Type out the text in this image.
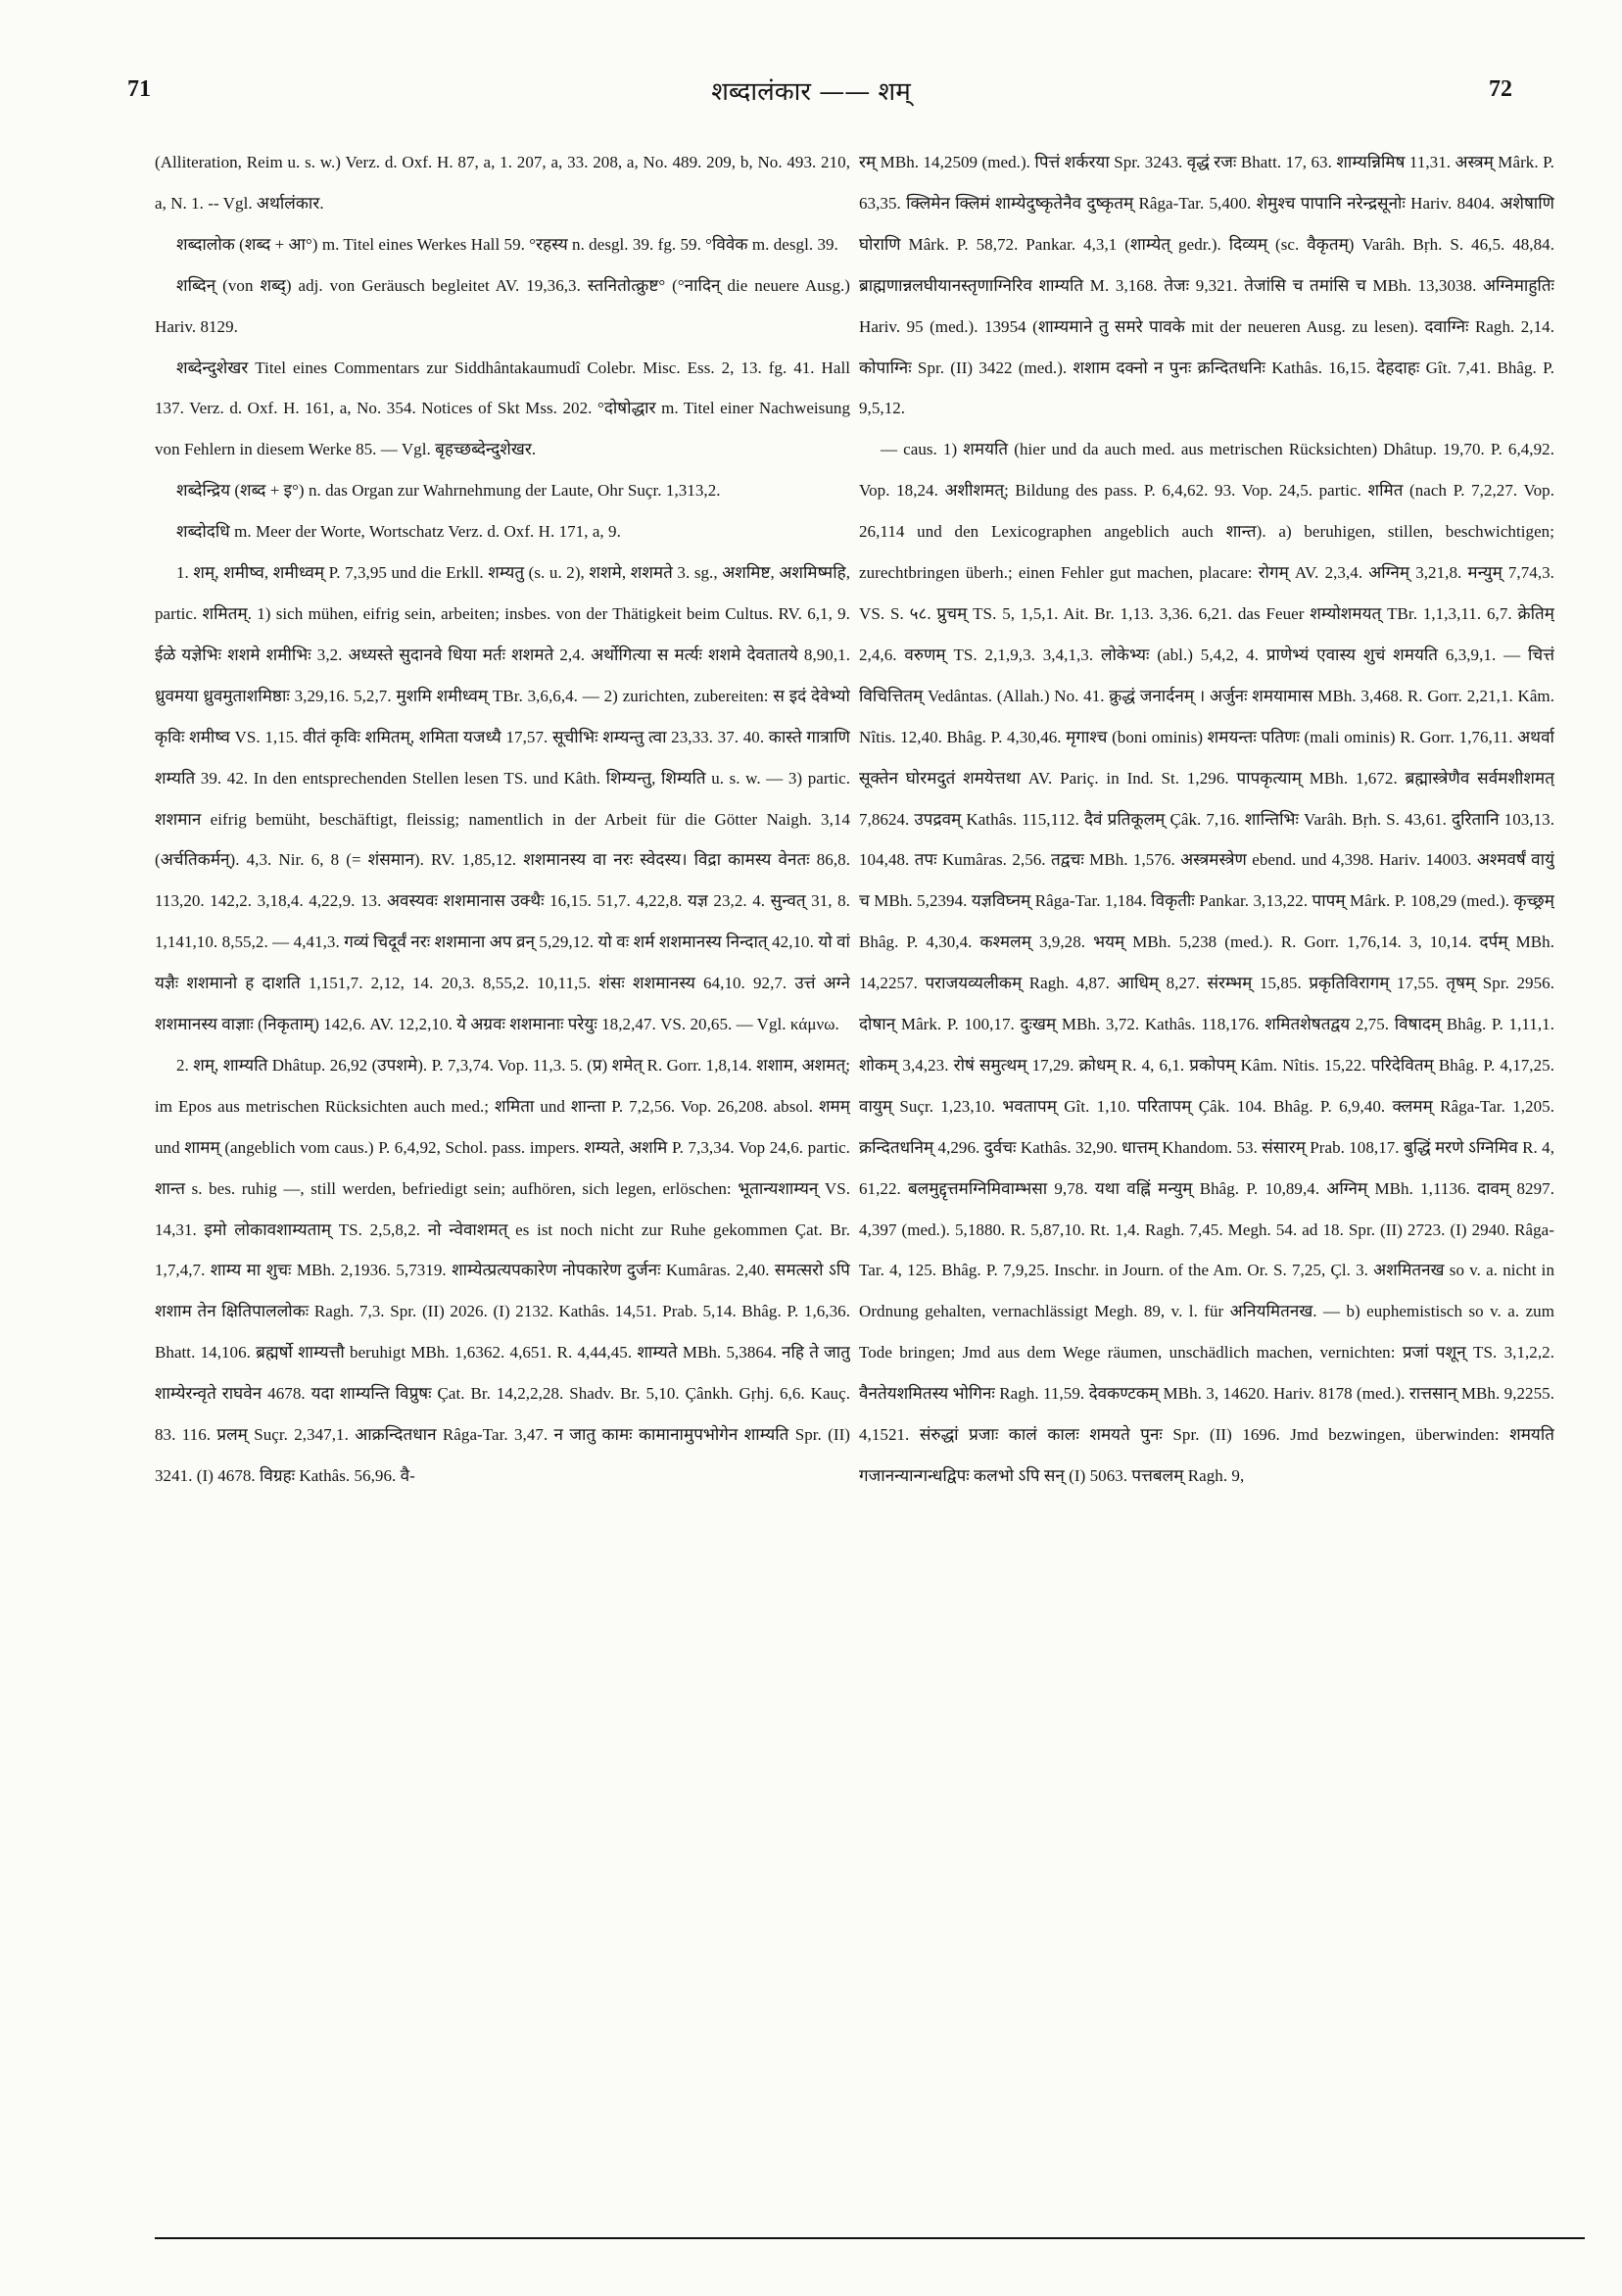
71	शब्दालंकार —— शम्	72

(Alliteration, Reim u. s. w.) Verz. d. Oxf. H. 87, a, 1. 207, a, 33. 208, a, No. 489. 209, b, No. 493. 210, a, N. 1. -- Vgl. अर्थालंकार.

शब्दालोक (शब्द + आ°) m. Titel eines Werkes Hall 59. °रहस्य n. desgl. 39. fg. 59. °विवेक m. desgl. 39.

शब्दिन् (von शब्द्) adj. von Geräusch begleitet AV. 19,36,3. स्तनितोत्क्रुष्ट° (°नादिन् die neuere Ausg.) Hariv. 8129.

शब्देन्दुशेखर Titel eines Commentars zur Siddhântakaumudî Colebr. Misc. Ess. 2, 13. fg. 41. Hall 137. Verz. d. Oxf. H. 161, a, No. 354. Notices of Skt Mss. 202. °दोषोद्धार m. Titel einer Nachweisung von Fehlern in diesem Werke 85. — Vgl. बृहच्छब्देन्दुशेखर.

शब्देन्द्रिय (शब्द + इ°) n. das Organ zur Wahrnehmung der Laute, Ohr Suçr. 1,313,2.

शब्दोदधि m. Meer der Worte, Wortschatz Verz. d. Oxf. H. 171, a, 9.

1. शम्, शमीष्व, शमीध्वम् P. 7,3,95 und die Erkll. शम्यतु (s. u. 2), शशमे, शशमते 3. sg., अशमिष्ट, अशमिष्महि, partic. शमितम्. 1) sich mühen, eifrig sein, arbeiten; insbes. von der Thätigkeit beim Cultus. RV. 6,1, 9. ईळे यज्ञेभिः शशमे शमीभिः 3,2. अध्यस्ते सुदानवे धिया मर्तः शशमते 2,4. अर्थोगित्या स मर्त्यः शशमे देवतातये 8,90,1. ध्रुवमया ध्रुवमुताशमिष्ठाः 3,29,16. 5,2,7. मुशमि शमीध्वम् TBr. 3,6,6,4. — 2) zurichten, zubereiten: स इदं देवेभ्यो कृविः शमीष्व VS. 1,15. वीतं कृविः शमितम्, शमिता यजध्यै 17,57. सूचीभिः शम्यन्तु त्वा 23,33. 37. 40. कास्ते गात्राणि शम्यति 39. 42. In den entsprechenden Stellen lesen TS. und Kâth. शिम्यन्तु, शिम्यति u. s. w. — 3) partic. शशमान eifrig bemüht, beschäftigt, fleissig; namentlich in der Arbeit für die Götter Naigh. 3,14 (अर्चतिकर्मन्). 4,3. Nir. 6, 8 (= शंसमान). RV. 1,85,12. शशमानस्य वा नरः स्वेदस्य। विद्रा कामस्य वेनतः 86,8. 113,20. 142,2. 3,18,4. 4,22,9. 13. अवस्यवः शशमानास उक्थैः 16,15. 51,7. 4,22,8. यज्ञ 23,2. 4. सुन्वत् 31, 8. 1,141,10. 8,55,2. — 4,41,3. गव्यं चिदूर्वं नरः शशमाना अप व्रन् 5,29,12. यो वः शर्म शशमानस्य निन्दात् 42,10. यो वां यज्ञैः शशमानो ह दाशति 1,151,7. 2,12, 14. 20,3. 8,55,2. 10,11,5. शंसः शशमानस्य 64,10. 92,7. उत्तं अग्ने शशमानस्य वाज्ञाः (निकृताम्) 142,6. AV. 12,2,10. ये अग्रवः शशमानाः परेयुः 18,2,47. VS. 20,65. — Vgl. κάμνω.

2. शम्, शाम्यति Dhâtup. 26,92 (उपशमे). P. 7,3,74. Vop. 11,3. 5. (प्र) शमेत् R. Gorr. 1,8,14. शशाम, अशमत्; im Epos aus metrischen Rücksichten auch med.; शमिता und शान्ता P. 7,2,56. Vop. 26,208. absol. शमम् und शामम् (angeblich vom caus.) P. 6,4,92, Schol. pass. impers. शम्यते, अशमि P. 7,3,34. Vop 24,6. partic. शान्त s. bes. ruhig —, still werden, befriedigt sein; aufhören, sich legen, erlöschen: भूतान्यशाम्यन् VS. 14,31. इमो लोकावशाम्यताम् TS. 2,5,8,2. नो न्वेवाशमत् es ist noch nicht zur Ruhe gekommen Çat. Br. 1,7,4,7. शाम्य मा शुचः MBh. 2,1936. 5,7319. शाम्येत्प्रत्यपकारेण नोपकारेण दुर्जनः Kumâras. 2,40. समत्सरो ऽपि शशाम तेन क्षितिपाललोकः Ragh. 7,3. Spr. (II) 2026. (I) 2132. Kathâs. 14,51. Prab. 5,14. Bhâg. P. 1,6,36. Bhatt. 14,106. ब्रह्मर्षो शाम्यत्तौ beruhigt MBh. 1,6362. 4,651. R. 4,44,45. शाम्यते MBh. 5,3864. नहि ते जातु शाम्येरन्वृते राघवेन 4678. यदा शाम्यन्ति विप्रुषः Çat. Br. 14,2,2,28. Shadv. Br. 5,10. Çânkh. Gṛhj. 6,6. Kauç. 83. 116. प्रलम् Suçr. 2,347,1. आक्रन्दितधान Râga-Tar. 3,47. न जातु कामः कामानामुपभोगेन शाम्यति Spr. (II) 3241. (I) 4678. विग्रहः Kathâs. 56,96. वै-

रम् MBh. 14,2509 (med.). पित्तं शर्करया Spr. 3243. वृद्धं रजः Bhatt. 17, 63. शाम्यन्निमिष 11,31. अस्त्रम् Mârk. P. 63,35. क्लिमेन क्लिमं शाम्येदुष्कृतेनैव दुष्कृतम् Râga-Tar. 5,400. शेमुश्च पापानि नरेन्द्रसूनोः Hariv. 8404. अशेषाणि घोराणि Mârk. P. 58,72. Pankar. 4,3,1 (शाम्येत् gedr.). दिव्यम् (sc. वैकृतम्) Varâh. Bṛh. S. 46,5. 48,84. ब्राह्मणान्नलघीयानस्तृणाग्निरिव शाम्यति M. 3,168. तेजः 9,321. तेजांसि च तमांसि च MBh. 13,3038. अग्निमाहुतिः Hariv. 95 (med.). 13954 (शाम्यमाने तु समरे पावके mit der neueren Ausg. zu lesen). दवाग्निः Ragh. 2,14. कोपाग्निः Spr. (II) 3422 (med.). शशाम दक्नो न पुनः क्रन्दितधनिः Kathâs. 16,15. देहदाहः Gît. 7,41. Bhâg. P. 9,5,12.

— caus. 1) शमयति (hier und da auch med. aus metrischen Rücksichten) Dhâtup. 19,70. P. 6,4,92. Vop. 18,24. अशीशमत्; Bildung des pass. P. 6,4,62. 93. Vop. 24,5. partic. शमित (nach P. 7,2,27. Vop. 26,114 und den Lexicographen angeblich auch शान्त). a) beruhigen, stillen, beschwichtigen; zurechtbringen überh.; einen Fehler gut machen, placare: रोगम् AV. 2,3,4. अग्निम् 3,21,8. मन्युम् 7,74,3. VS. S. ५८. प्रुचम् TS. 5, 1,5,1. Ait. Br. 1,13. 3,36. 6,21. das Feuer शम्योशमयत् TBr. 1,1,3,11. 6,7. क्रेतिम् 2,4,6. वरुणम् TS. 2,1,9,3. 3,4,1,3. लोकेभ्यः (abl.) 5,4,2, 4. प्राणेभ्यं एवास्य शुचं शमयति 6,3,9,1. — चित्तं विचित्तितम् Vedântas. (Allah.) No. 41. क्रुद्धं जनार्दनम् । अर्जुनः शमयामास MBh. 3,468. R. Gorr. 2,21,1. Kâm. Nîtis. 12,40. Bhâg. P. 4,30,46. मृगाश्च (boni ominis) शमयन्तः पतिणः (mali ominis) R. Gorr. 1,76,11. अथर्वा सूक्तेन घोरमदुतं शमयेत्तथा AV. Pariç. in Ind. St. 1,296. पापकृत्याम् MBh. 1,672. ब्रह्मास्त्रेणैव सर्वमशीशमत् 7,8624. उपद्रवम् Kathâs. 115,112. दैवं प्रतिकूलम् Çâk. 7,16. शान्तिभिः Varâh. Bṛh. S. 43,61. दुरितानि 103,13. 104,48. तपः Kumâras. 2,56. तद्वचः MBh. 1,576. अस्त्रमस्त्रेण ebend. und 4,398. Hariv. 14003. अश्मवर्षं वायुं च MBh. 5,2394. यज्ञविघ्नम् Râga-Tar. 1,184. विकृतीः Pankar. 3,13,22. पापम् Mârk. P. 108,29 (med.). कृच्छ्रम् Bhâg. P. 4,30,4. कश्मलम् 3,9,28. भयम् MBh. 5,238 (med.). R. Gorr. 1,76,14. 3, 10,14. दर्पम् MBh. 14,2257. पराजयव्यलीकम् Ragh. 4,87. आधिम् 8,27. संरम्भम् 15,85. प्रकृतिविरागम् 17,55. तृषम् Spr. 2956. दोषान् Mârk. P. 100,17. दुःखम् MBh. 3,72. Kathâs. 118,176. शमितशेषतद्वय 2,75. विषादम् Bhâg. P. 1,11,1. शोकम् 3,4,23. रोषं समुत्थम् 17,29. क्रोधम् R. 4, 6,1. प्रकोपम् Kâm. Nîtis. 15,22. परिदेवितम् Bhâg. P. 4,17,25. वायुम् Suçr. 1,23,10. भवतापम् Gît. 1,10. परितापम् Çâk. 104. Bhâg. P. 6,9,40. क्लमम् Râga-Tar. 1,205. क्रन्दितधनिम् 4,296. दुर्वचः Kathâs. 32,90. धात्तम् Khandom. 53. संसारम् Prab. 108,17. बुद्धिं मरणे ऽग्निमिव R. 4, 61,22. बलमुद्दृत्तमग्निमिवाम्भसा 9,78. यथा वह्निं मन्युम् Bhâg. P. 10,89,4. अग्निम् MBh. 1,1136. दावम् 8297. 4,397 (med.). 5,1880. R. 5,87,10. Rt. 1,4. Ragh. 7,45. Megh. 54. ad 18. Spr. (II) 2723. (I) 2940. Râga-Tar. 4, 125. Bhâg. P. 7,9,25. Inschr. in Journ. of the Am. Or. S. 7,25, Çl. 3. अशमितनख so v. a. nicht in Ordnung gehalten, vernachlässigt Megh. 89, v. l. für अनियमितनख. — b) euphemistisch so v. a. zum Tode bringen; Jmd aus dem Wege räumen, unschädlich machen, vernichten: प्रजां पशून् TS. 3,1,2,2. वैनतेयशमितस्य भोगिनः Ragh. 11,59. देवकण्टकम् MBh. 3, 14620. Hariv. 8178 (med.). रात्तसान् MBh. 9,2255. 4,1521. संरुद्धां प्रजाः कालं कालः शमयते पुनः Spr. (II) 1696. Jmd bezwingen, überwinden: शमयति गजानन्यान्गन्धद्विपः कलभो ऽपि सन् (I) 5063. पत्तबलम् Ragh. 9,
